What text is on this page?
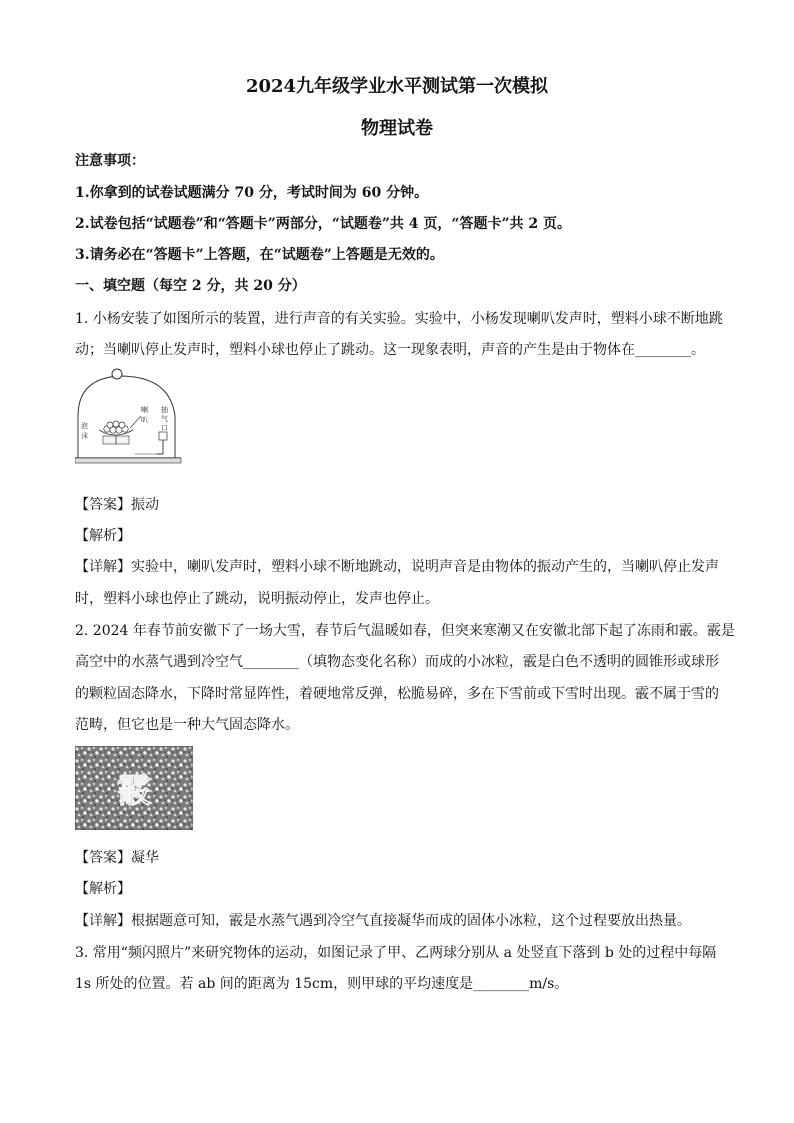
2024九年级学业水平测试第一次模拟
物理试卷
注意事项：
1.你拿到的试卷试题满分 70 分，考试时间为 60 分钟。
2.试卷包括“试题卷”和“答题卡”两部分，“试题卷”共 4 页，“答题卡”共 2 页。
3.请务必在“答题卡”上答题，在“试题卷”上答题是无效的。
一、填空题（每空 2 分，共 20 分）
1. 小杨安装了如图所示的装置，进行声音的有关实验。实验中，小杨发现喇叭发声时，塑料小球不断地跳
动；当喇叭停止发声时，塑料小球也停止了跳动。这一现象表明，声音的产生是由于物体在________。
泡
沫
喇
叭
抽
气
口
【答案】振动
【解析】
【详解】实验中，喇叭发声时，塑料小球不断地跳动，说明声音是由物体的振动产生的，当喇叭停止发声
时，塑料小球也停止了跳动，说明振动停止，发声也停止。
2. 2024 年春节前安徽下了一场大雪，春节后气温暖如春，但突来寒潮又在安徽北部下起了冻雨和霰。霰是
高空中的水蒸气遇到冷空气________（填物态变化名称）而成的小冰粒，霰是白色不透明的圆锥形或球形
的颗粒固态降水，下降时常显阵性，着硬地常反弹，松脆易碎，多在下雪前或下雪时出现。霰不属于雪的
范畴，但它也是一种大气固态降水。
霰
【答案】凝华
【解析】
【详解】根据题意可知，霰是水蒸气遇到冷空气直接凝华而成的固体小冰粒，这个过程要放出热量。
3. 常用“频闪照片”来研究物体的运动，如图记录了甲、乙两球分别从 a 处竖直下落到 b 处的过程中每隔
1s 所处的位置。若 ab 间的距离为 15cm，则甲球的平均速度是________m/s。
